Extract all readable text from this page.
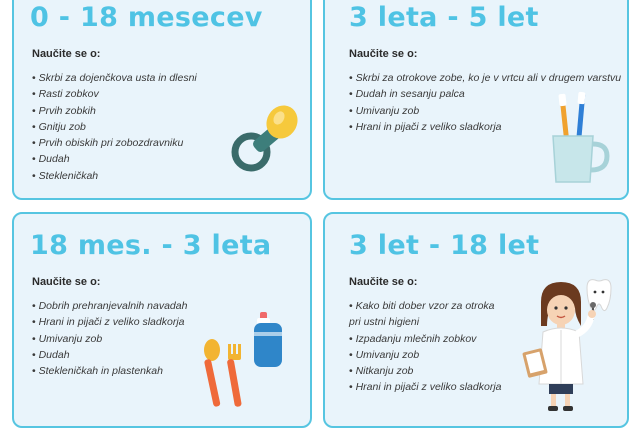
0 - 18 mesecev
Naučite se o:
• Skrbi za dojenčkova usta in dlesni
• Rasti zobkov
• Prvih zobkih
• Gnitju zob
• Prvih obiskih pri zobozdravniku
• Dudah
• Stekleničkah
3 leta - 5 let
Naučite se o:
• Skrbi za otrokove zobe, ko je v vrtcu ali v drugem varstvu
• Dudah in sesanju palca
• Umivanju zob
• Hrani in pijači z veliko sladkorja
18 mes. - 3 leta
Naučite se o:
• Dobrih prehranjevalnih navadah
• Hrani in pijači z veliko sladkorja
• Umivanju zob
• Dudah
• Stekleničkah in plastenkah
3 let - 18 let
Naučite se o:
• Kako biti dober vzor za otroka pri ustni higieni
• Izpadanju mlečnih zobkov
• Umivanju zob
• Nitkanju zob
• Hrani in pijači z veliko sladkorja
